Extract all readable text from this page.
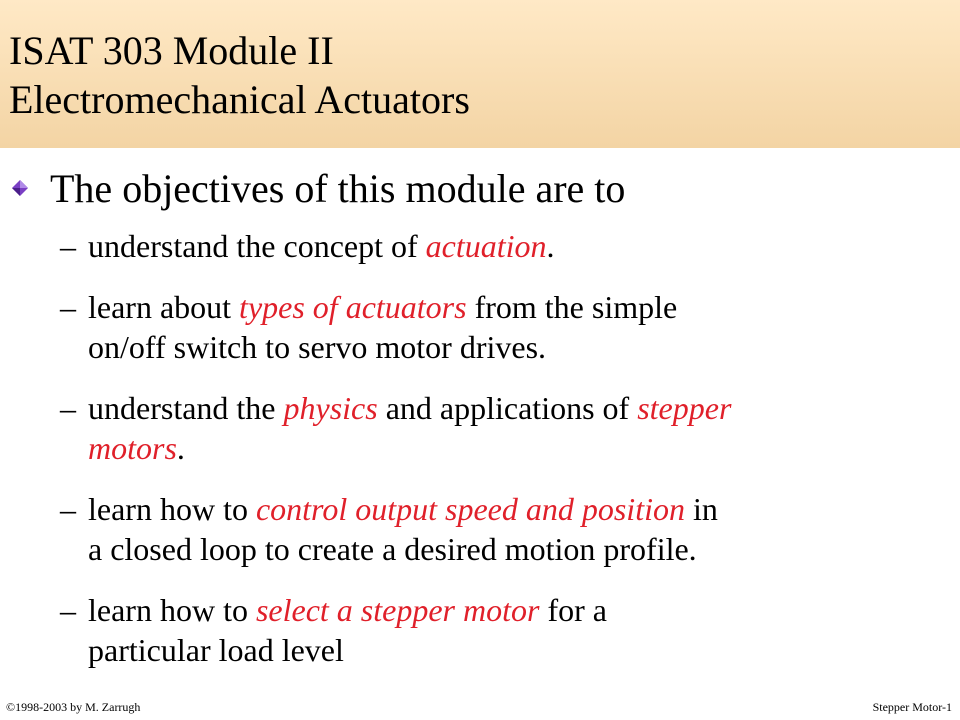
ISAT 303 Module II
Electromechanical Actuators
The objectives of this module are to
– understand the concept of actuation.
– learn about types of actuators from the simple
on/off switch to servo motor drives.
– understand the physics and applications of stepper
motors.
– learn how to control output speed and position in
a closed loop to create a desired motion profile.
– learn how to select a stepper motor for a
particular load level
©1998-2003 by M. Zarrugh	Stepper Motor-1
